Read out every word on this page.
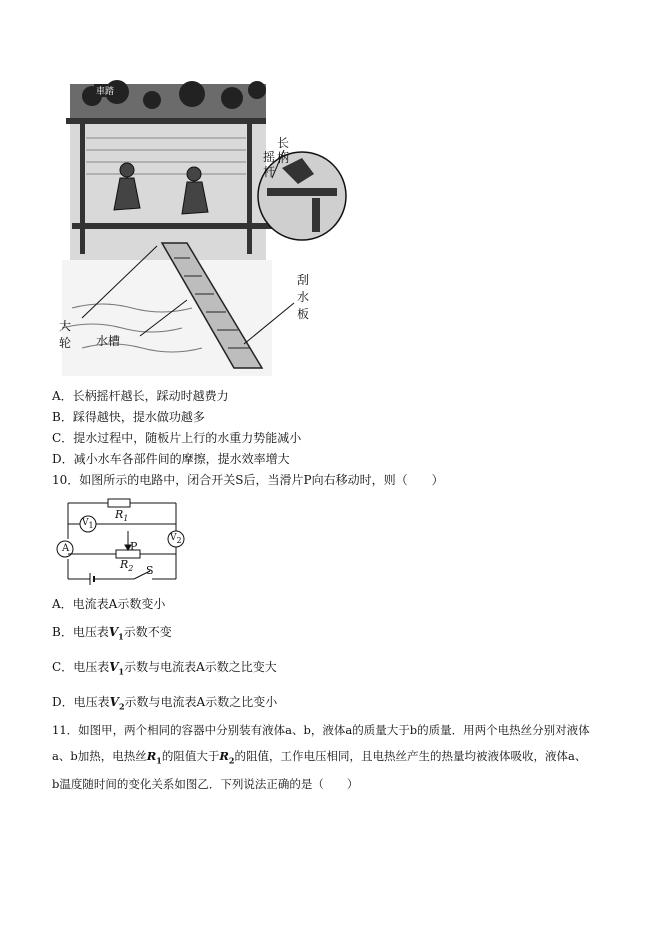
車踏
长
柄
摇
杆
刮
水
板
大
轮 水槽
A．长柄摇杆越长，踩动时越费力
B．踩得越快，提水做功越多
C．提水过程中，随板片上行的水重力势能减小
D．减小水车各部件间的摩擦，提水效率增大
10．如图所示的电路中，闭合开关S后，当滑片P向右移动时，则（　　）
$R_1$
V1
V2
A	P
$R_2$ S
A．电流表A示数变小
B．电压表$V_1$示数不变
C．电压表$V_1$示数与电流表A示数之比变大
D．电压表$V_2$示数与电流表A示数之比变小
11．如图甲，两个相同的容器中分别装有液体a、b，液体a的质量大于b的质量．用两个电热丝分别对液体
a、b加热，电热丝$R_1$的阻值大于$R_2$的阻值，工作电压相同，且电热丝产生的热量均被液体吸收，液体a、
b温度随时间的变化关系如图乙．下列说法正确的是（　　）
